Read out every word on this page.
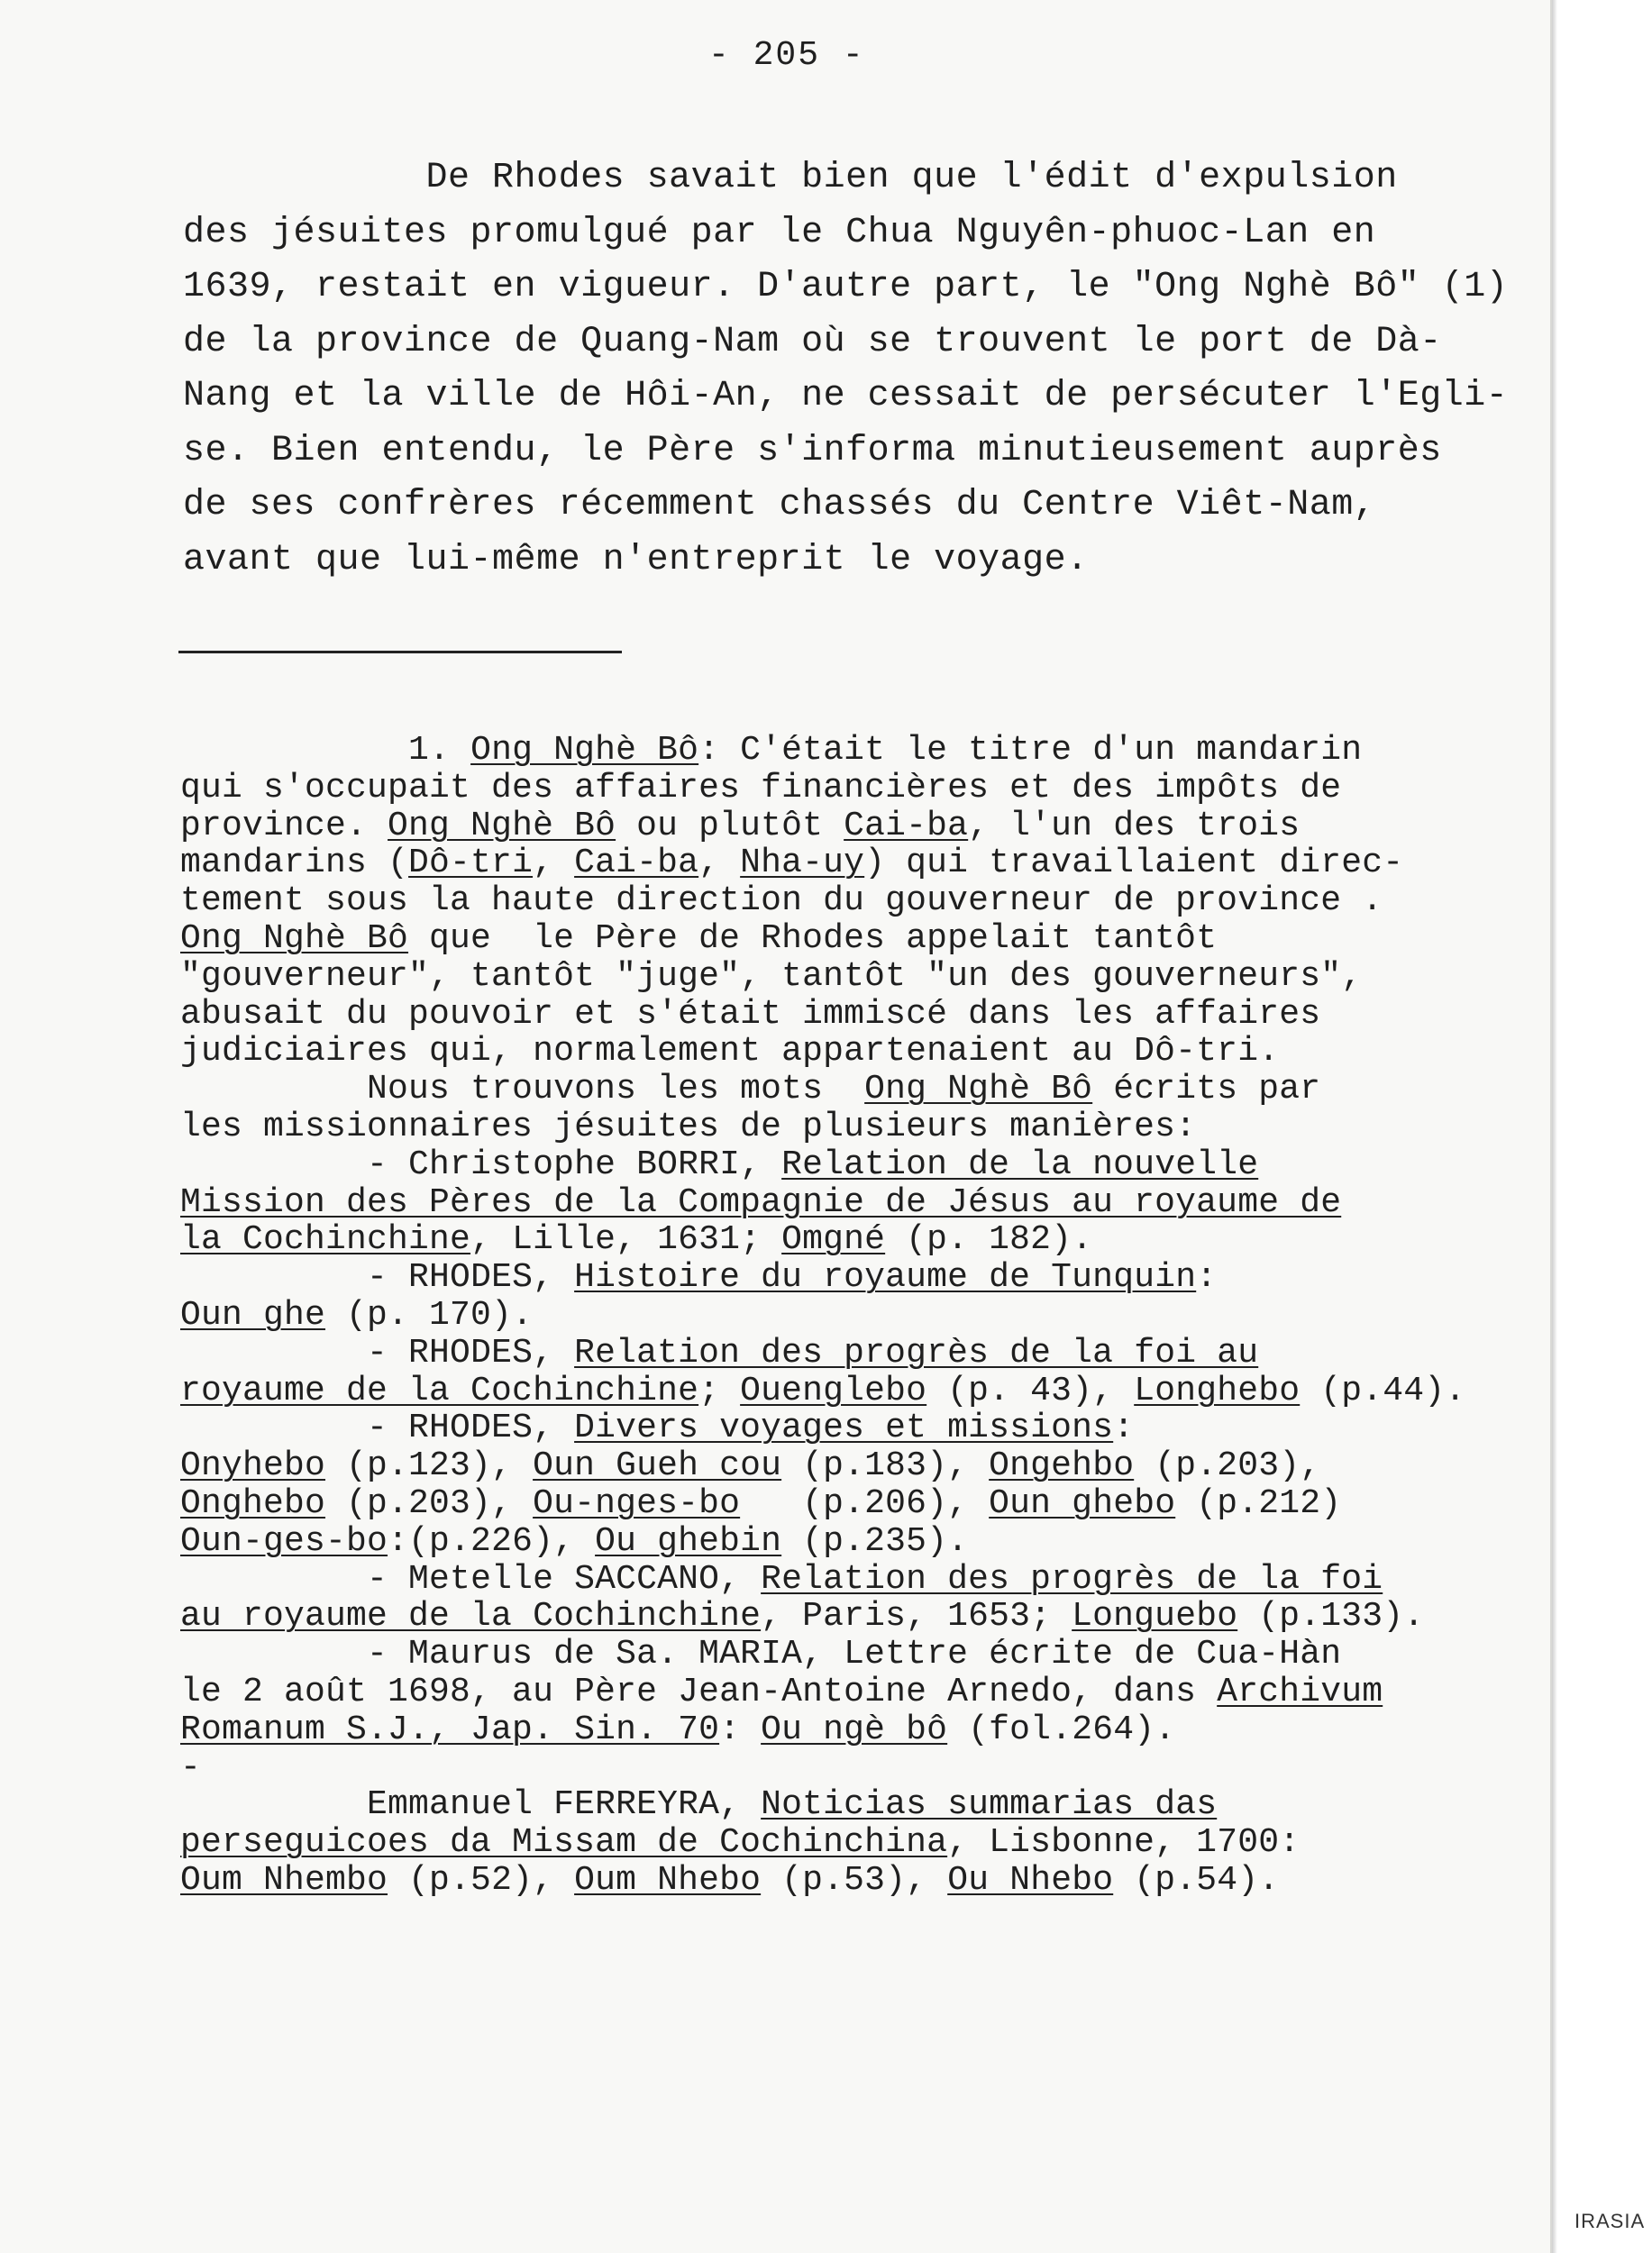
- 205 -
De Rhodes savait bien que l'édit d'expulsion
des jésuites promulgué par le Chua Nguyên-phuoc-Lan en
1639, restait en vigueur. D'autre part, le "Ong Nghè Bô" (1)
de la province de Quang-Nam où se trouvent le port de Dà-
Nang et la ville de Hôi-An, ne cessait de persécuter l'Egli-
se. Bien entendu, le Père s'informa minutieusement auprès
de ses confrères récemment chassés du Centre Viêt-Nam,
avant que lui-même n'entreprit le voyage.
1. Ong Nghè Bô: C'était le titre d'un mandarin
qui s'occupait des affaires financières et des impôts de
province. Ong Nghè Bô ou plutôt Cai-ba, l'un des trois
mandarins (Dô-tri, Cai-ba, Nha-uy) qui travaillaient direc-
tement sous la haute direction du gouverneur de province .
Ong Nghè Bô que  le Père de Rhodes appelait tantôt
"gouverneur", tantôt "juge", tantôt "un des gouverneurs",
abusait du pouvoir et s'était immiscé dans les affaires
judiciaires qui, normalement appartenaient au Dô-tri.
Nous trouvons les mots  Ong Nghè Bô écrits par
les missionnaires jésuites de plusieurs manières:
- Christophe BORRI, Relation de la nouvelle
Mission des Pères de la Compagnie de Jésus au royaume de
la Cochinchine, Lille, 1631; Omgné (p. 182).
- RHODES, Histoire du royaume de Tunquin:
Oun ghe (p. 170).
- RHODES, Relation des progrès de la foi au
royaume de la Cochinchine; Ouenglebo (p. 43), Longhebo (p.44).
- RHODES, Divers voyages et missions:
Onyhebo (p.123), Oun Gueh cou (p.183), Ongehbo (p.203),
Onghebo (p.203), Ou-nges-bo   (p.206), Oun ghebo (p.212)
Oun-ges-bo:(p.226), Ou ghebin (p.235).
- Metelle SACCANO, Relation des progrès de la foi
au royaume de la Cochinchine, Paris, 1653; Longuebo (p.133).
- Maurus de Sa. MARIA, Lettre écrite de Cua-Hàn
le 2 août 1698, au Père Jean-Antoine Arnedo, dans Archivum
Romanum S.J., Jap. Sin. 70: Ou ngè bô (fol.264).
-
Emmanuel FERREYRA, Noticias summarias das
perseguicoes da Missam de Cochinchina, Lisbonne, 1700:
Oum Nhembo (p.52), Oum Nhebo (p.53), Ou Nhebo (p.54).
IRASIA
